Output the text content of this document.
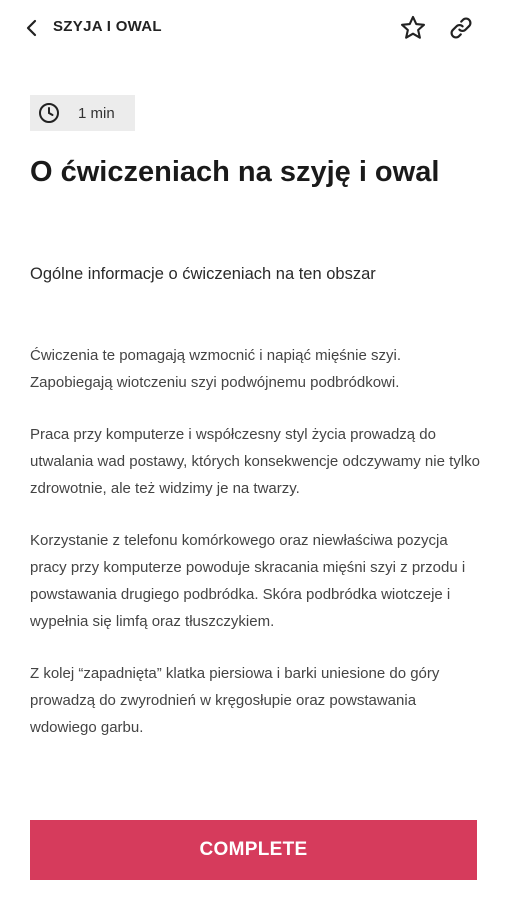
SZYJA I OWAL
1 min
O ćwiczeniach na szyję i owal

Ogólne informacje o ćwiczeniach na ten obszar

Ćwiczenia te pomagają wzmocnić i napiąć mięśnie szyi. Zapobiegają wiotczeniu szyi podwójnemu podbródkowi.

Praca przy komputerze i współczesny styl życia prowadzą do utwalania wad postawy, których konsekwencje odczywamy nie tylko zdrowotnie, ale też widzimy je na twarzy.

Korzystanie z telefonu komórkowego oraz niewłaściwa pozycja pracy przy komputerze powoduje skracania mięśni szyi z przodu i powstawania drugiego podbródka. Skóra podbródka wiotczeje i wypełnia się limfą oraz tłuszczykiem.

Z kolej “zapadnięta” klatka piersiowa i barki uniesione do góry prowadzą do zwyrodnień w kręgosłupie oraz powstawania wdowiego garbu.

COMPLETE
